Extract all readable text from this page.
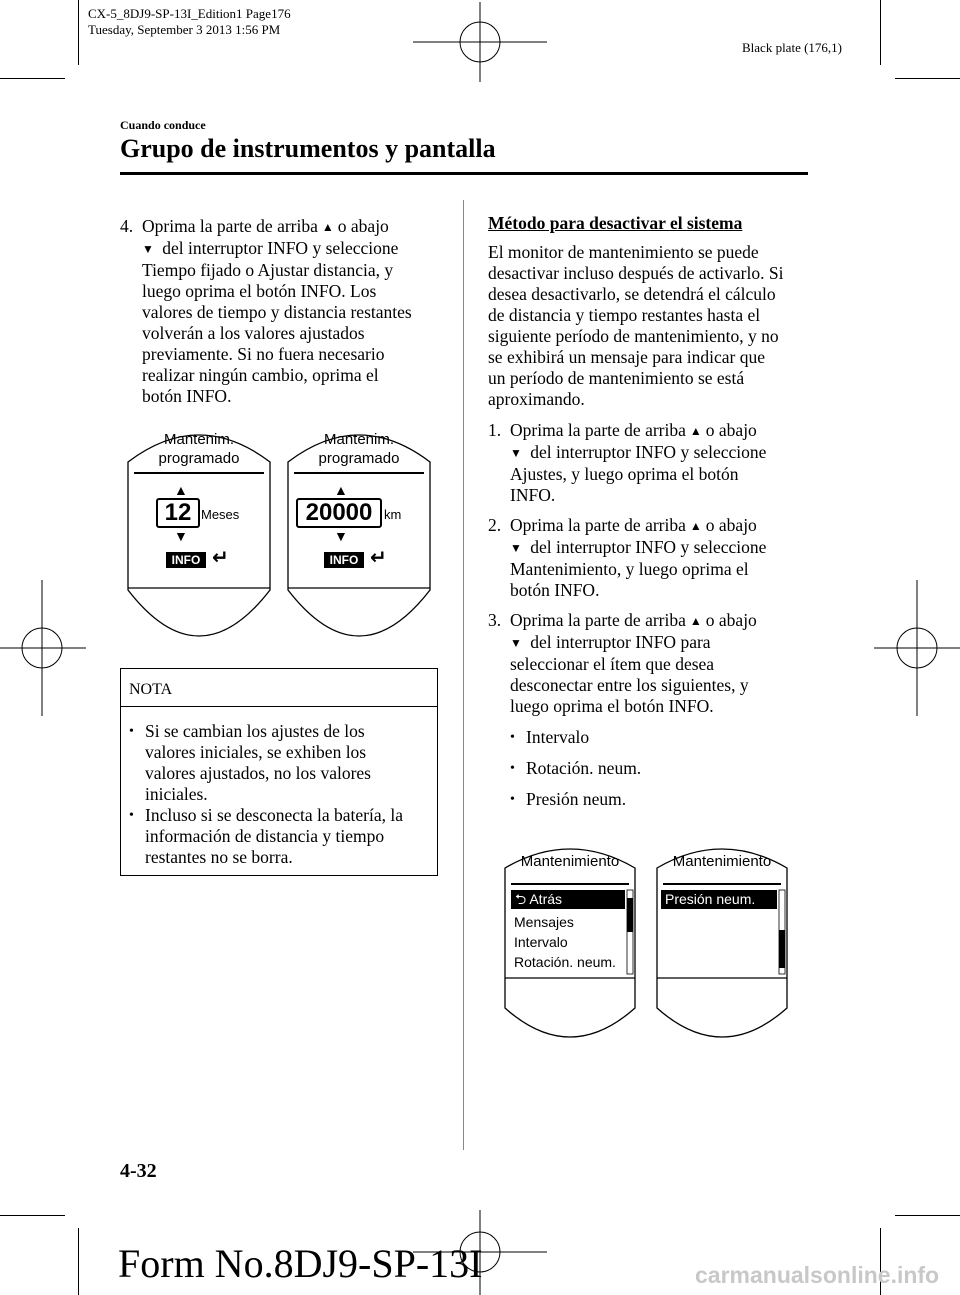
CX-5_8DJ9-SP-13I_Edition1 Page176
Tuesday, September 3 2013 1:56 PM
Black plate (176,1)
Cuando conduce
Grupo de instrumentos y pantalla
4. Oprima la parte de arriba ▲ o abajo
▼ del interruptor INFO y seleccione
Tiempo fijado o Ajustar distancia, y
luego oprima el botón INFO. Los
valores de tiempo y distancia restantes
volverán a los valores ajustados
previamente. Si no fuera necesario
realizar ningún cambio, oprima el
botón INFO.
Mantenim.
programado
▲
12 Meses
▼
INFO ↵
Mantenim.
programado
▲
20000 km
▼
INFO ↵
NOTA
• Si se cambian los ajustes de los
valores iniciales, se exhiben los
valores ajustados, no los valores
iniciales.
• Incluso si se desconecta la batería, la
información de distancia y tiempo
restantes no se borra.
Método para desactivar el sistema
El monitor de mantenimiento se puede
desactivar incluso después de activarlo. Si
desea desactivarlo, se detendrá el cálculo
de distancia y tiempo restantes hasta el
siguiente período de mantenimiento, y no
se exhibirá un mensaje para indicar que
un período de mantenimiento se está
aproximando.
1. Oprima la parte de arriba ▲ o abajo
▼ del interruptor INFO y seleccione
Ajustes, y luego oprima el botón
INFO.
2. Oprima la parte de arriba ▲ o abajo
▼ del interruptor INFO y seleccione
Mantenimiento, y luego oprima el
botón INFO.
3. Oprima la parte de arriba ▲ o abajo
▼ del interruptor INFO para
seleccionar el ítem que desea
desconectar entre los siguientes, y
luego oprima el botón INFO.
• Intervalo
• Rotación. neum.
• Presión neum.
Mantenimiento
⮌ Atrás
Mensajes
Intervalo
Rotación. neum.
Mantenimiento
Presión neum.
4-32
Form No.8DJ9-SP-13I	carmanualsonline.info
